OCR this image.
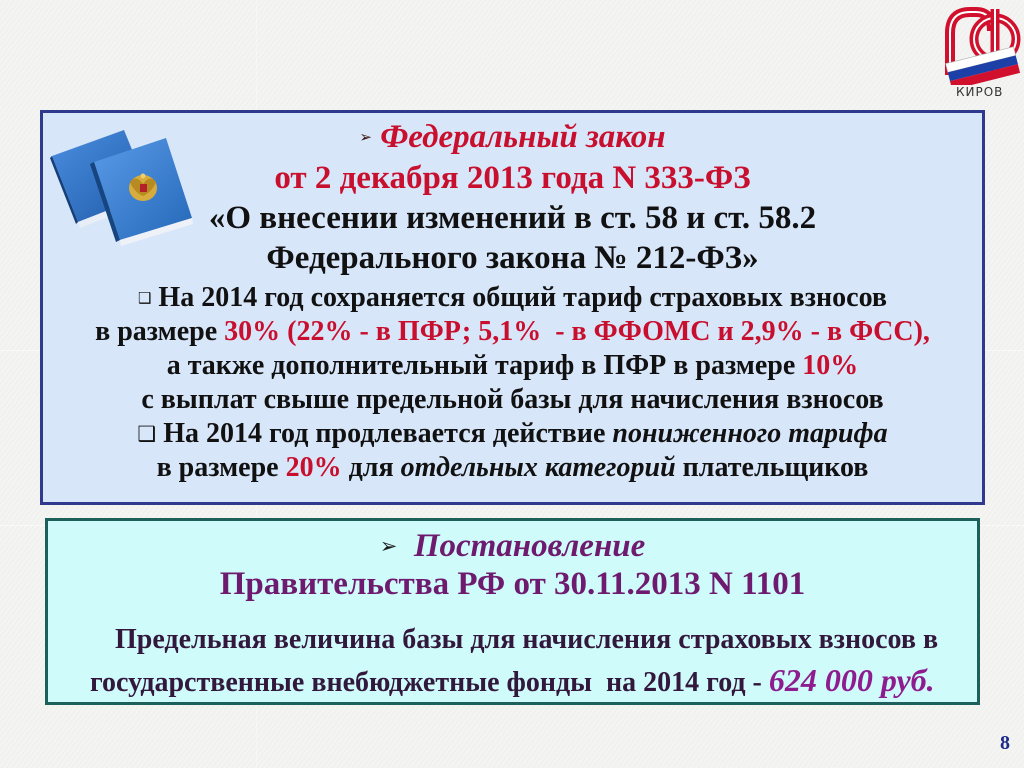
КИРОВ
➢ Федеральный закон
от 2 декабря 2013 года N 333-ФЗ
«О внесении изменений в ст. 58 и ст. 58.2
Федерального закона № 212-ФЗ»
❑ На 2014 год сохраняется общий тариф страховых взносов
в размере 30% (22% - в ПФР; 5,1%  - в ФФОМС и 2,9% - в ФСС),
а также дополнительный тариф в ПФР в размере 10%
с выплат свыше предельной базы для начисления взносов
❑ На 2014 год продлевается действие пониженного тарифа
в размере 20% для отдельных категорий плательщиков
➢ Постановление
Правительства РФ от 30.11.2013 N 1101
Предельная величина базы для начисления страховых взносов в
государственные внебюджетные фонды  на 2014 год - 624 000 руб.
8
